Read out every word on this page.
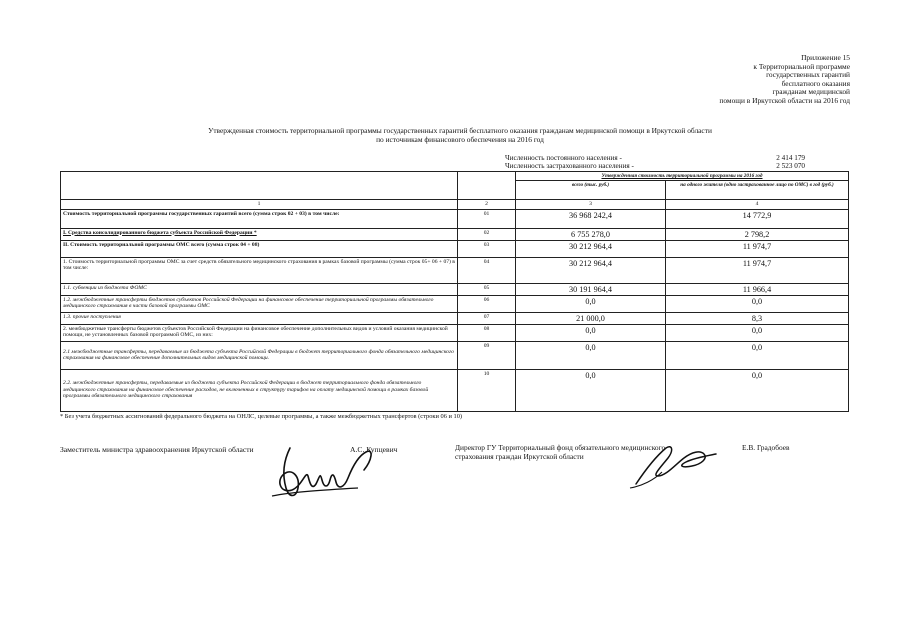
Приложение 15
к Территориальной программе
государственных гарантий
бесплатного оказания
гражданам медицинской
помощи в Иркутской области на 2016 год
Утвержденная стоимость территориальной программы государственных гарантий бесплатного оказания гражданам медицинской помощи в Иркутской области
по источникам финансового обеспечения на 2016 год
Численность постоянного населения -	2 414 179
Численность застрахованного населения -	2 523 070
		Утвержденная стоимость территориальной программы на 2016 год	
		всего (тыс. руб.)	на одного жителя (одно застрахованное лицо по ОМС) в год (руб.)
1	2	3	4
Стоимость территориальной программы государственных гарантий всего (сумма строк 02 + 03) в том числе:	01	36 968 242,4	14 772,9
I. Средства консолидированного бюджета субъекта Российской Федерации *	02	6 755 278,0	2 798,2
II. Стоимость территориальной программы ОМС всего (сумма строк 04 + 08)	03	30 212 964,4	11 974,7
1. Стоимость территориальной программы ОМС за счет средств обязательного медицинского страхования в рамках базовой программы (сумма строк 05+ 06 + 07) в том числе:	04	30 212 964,4	11 974,7
1.1. субвенции из бюджета ФОМС	05	30 191 964,4	11 966,4
1.2. межбюджетные трансферты бюджетов субъектов Российской Федерации на финансовое обеспечение территориальной программы обязательного медицинского страхования в части базовой программы ОМС	06	0,0	0,0
1.3. прочие поступления	07	21 000,0	8,3
2. межбюджетные трансферты бюджетов субъектов Российской Федерации на финансовое обеспечение дополнительных видов и условий оказания медицинской помощи, не установленных базовой программой ОМС, из них:	08	0,0	0,0
2.1 межбюджетные трансферты, передаваемые из бюджета субъекта Российской Федерации в бюджет территориального фонда обязательного медицинского страхования на финансовое обеспечение дополнительных видов медицинской помощи.	09	0,0	0,0
2.2. межбюджетные трансферты, передаваемые из бюджета субъекта Российской Федерации в бюджет территориального фонда обязательного медицинского страхования на финансовое обеспечение расходов, не включенных в структуру тарифов на оплату медицинской помощи в рамках базовой программы обязательного медицинского страхования	10	0,0	0,0
* Без учета бюджетных ассигнований федерального бюджета на ОНЛС, целевые программы, а также межбюджетных трансфертов (строки 06 и 10)
Заместитель министра здравоохранения Иркутской области	А.С. Купцевич	Директор ГУ Территориальный фонд обязательного медицинского страхования граждан Иркутской области
Е.В. Градобоев
